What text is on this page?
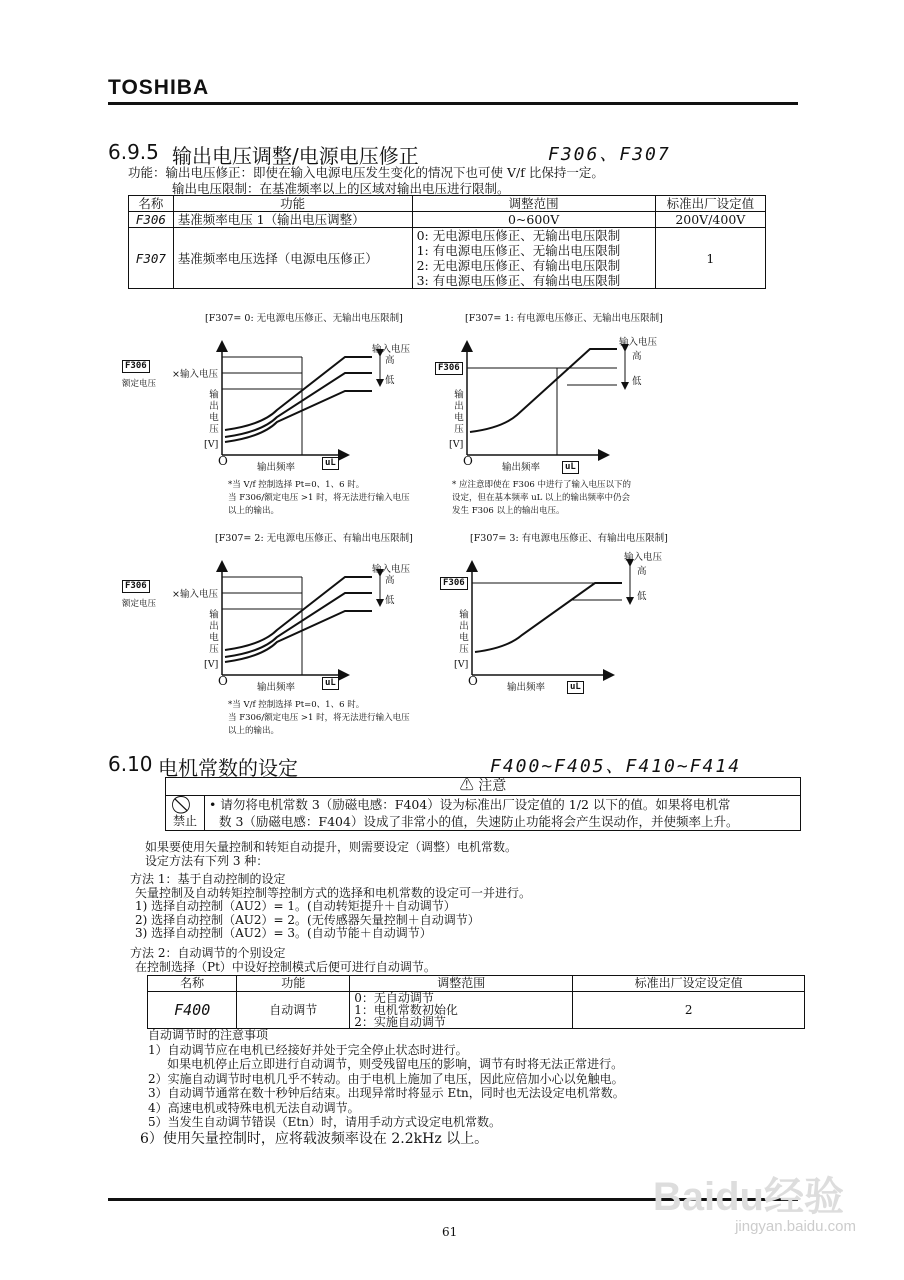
TOSHIBA
6.9.5 输出电压调整/电源电压修正	F306、F307
功能：输出电压修正：即使在输入电源电压发生变化的情况下也可使 V/f 比保持一定。
输出电压限制：在基准频率以上的区域对输出电压进行限制。
名称	功能	调整范围	标准出厂设定值
F306	基准频率电压 1（输出电压调整）	0~600V	200V/400V
F307	基准频率电压选择（电源电压修正）	0: 无电源电压修正、无输出电压限制
1: 有电源电压修正、无输出电压限制
2: 无电源电压修正、有输出电压限制
3: 有电源电压修正、有输出电压限制	1
[F307= 0: 无电源电压修正、无输出电压限制]
O	输出频率
输出电压
[V]
F306
×输入电压
额定电压
输入电压
高
低
uL
*当 V/f 控制选择 Pt=0、1、6 时。
当 F306/额定电压 >1 时，将无法进行输入电压
以上的输出。
[F307= 1: 有电源电压修正、无输出电压限制]
O	输出频率
输出电压
[V]
F306
输入电压
高
低
uL
* 应注意即使在 F306 中进行了输入电压以下的
设定，但在基本频率 uL 以上的输出频率中仍会
发生 F306 以上的输出电压。
[F307= 2: 无电源电压修正、有输出电压限制]
O	输出频率
输出电压
[V]
F306
×输入电压
额定电压
输入电压
高
低
uL
*当 V/f 控制选择 Pt=0、1、6 时。
当 F306/额定电压 >1 时，将无法进行输入电压
以上的输出。
[F307= 3: 有电源电压修正、有输出电压限制]
O	输出频率
输出电压
[V]
F306
输入电压
高
低
uL
6.10 电机常数的设定	F400~F405、F410~F414
⚠ 注意

禁止

• 请勿将电机常数 3（励磁电感：F404）设为标准出厂设定值的 1/2 以下的值。如果将电机常
数 3（励磁电感：F404）设成了非常小的值，失速防止功能将会产生误动作，并使频率上升。
如果要使用矢量控制和转矩自动提升，则需要设定（调整）电机常数。
设定方法有下列 3 种：
方法 1：基于自动控制的设定
矢量控制及自动转矩控制等控制方式的选择和电机常数的设定可一并进行。
1) 选择自动控制（AU2）= 1。(自动转矩提升＋自动调节）
2) 选择自动控制（AU2）= 2。(无传感器矢量控制＋自动调节）
3) 选择自动控制（AU2）= 3。(自动节能＋自动调节）
方法 2：自动调节的个别设定
在控制选择（Pt）中设好控制模式后便可进行自动调节。
名称	功能	调整范围	标准出厂设定设定值
F400	自动调节	0：无自动调节
1：电机常数初始化
2：实施自动调节	2
自动调节时的注意事项
1）自动调节应在电机已经接好并处于完全停止状态时进行。
如果电机停止后立即进行自动调节，则受残留电压的影响，调节有时将无法正常进行。
2）实施自动调节时电机几乎不转动。由于电机上施加了电压，因此应倍加小心以免触电。
3）自动调节通常在数十秒钟后结束。出现异常时将显示 Etn，同时也无法设定电机常数。
4）高速电机或特殊电机无法自动调节。
5）当发生自动调节错误（Etn）时，请用手动方式设定电机常数。
6）使用矢量控制时，应将载波频率设在 2.2kHz 以上。
61
Baidu经验
jingyan.baidu.com
